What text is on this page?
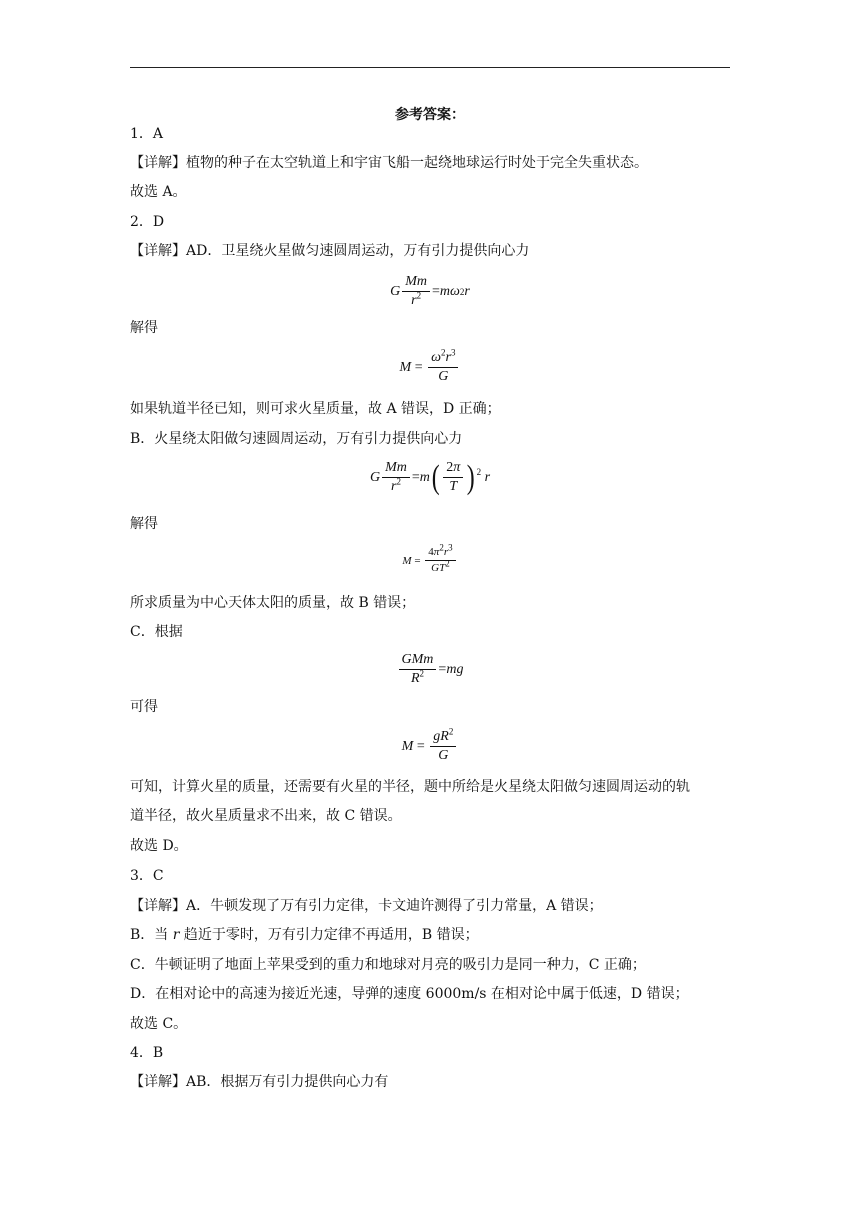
参考答案：
1．A
【详解】植物的种子在太空轨道上和宇宙飞船一起绕地球运行时处于完全失重状态。
故选 A。
2．D
【详解】AD．卫星绕火星做匀速圆周运动，万有引力提供向心力
G $\frac{Mm}{r^2} = m\omega$ 2 r
解得
$M = \frac{\omega^2r^3}{G}$
如果轨道半径已知，则可求火星质量，故 A 错误，D 正确；
B．火星绕太阳做匀速圆周运动，万有引力提供向心力
G $\frac{Mm}{r^2} = m$ ( $\frac{2\pi}{T} )^2$
r
解得
$M = \frac{4\pi^2r^3}{GT^2}$
所求质量为中心天体太阳的质量，故 B 错误；
C．根据
$\frac{\text{GMm}}{R^2}$ = mg
可得
$M = \frac{gR^2}{G}$
可知，计算火星的质量，还需要有火星的半径，题中所给是火星绕太阳做匀速圆周运动的轨
道半径，故火星质量求不出来，故 C 错误。
故选 D。
3．C
【详解】A．牛顿发现了万有引力定律，卡文迪许测得了引力常量，A 错误；
B．当 r 趋近于零时，万有引力定律不再适用，B 错误；
C．牛顿证明了地面上苹果受到的重力和地球对月亮的吸引力是同一种力，C 正确；
D．在相对论中的高速为接近光速，导弹的速度 6000m/s 在相对论中属于低速，D 错误；
故选 C。
4．B
【详解】AB．根据万有引力提供向心力有
